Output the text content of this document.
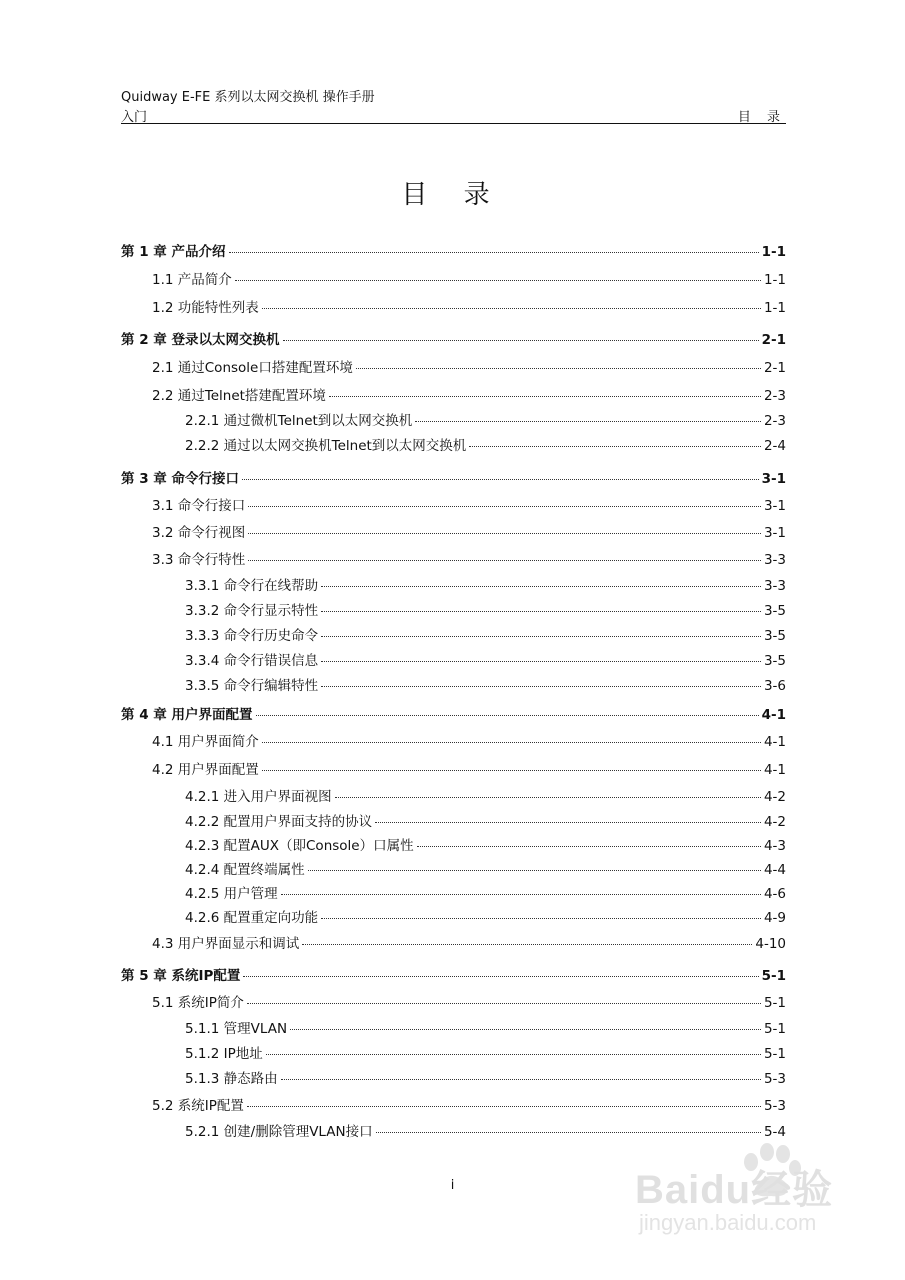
Quidway E-FE 系列以太网交换机 操作手册
入门	目 录
目 录
第 1 章 产品介绍	1-1
1.1 产品简介	1-1
1.2 功能特性列表	1-1
第 2 章 登录以太网交换机	2-1
2.1 通过Console口搭建配置环境	2-1
2.2 通过Telnet搭建配置环境	2-3
2.2.1 通过微机Telnet到以太网交换机	2-3
2.2.2 通过以太网交换机Telnet到以太网交换机	2-4
第 3 章 命令行接口	3-1
3.1 命令行接口	3-1
3.2 命令行视图	3-1
3.3 命令行特性	3-3
3.3.1 命令行在线帮助	3-3
3.3.2 命令行显示特性	3-5
3.3.3 命令行历史命令	3-5
3.3.4 命令行错误信息	3-5
3.3.5 命令行编辑特性	3-6
第 4 章 用户界面配置	4-1
4.1 用户界面简介	4-1
4.2 用户界面配置	4-1
4.2.1 进入用户界面视图	4-2
4.2.2 配置用户界面支持的协议	4-2
4.2.3 配置AUX（即Console）口属性	4-3
4.2.4 配置终端属性	4-4
4.2.5 用户管理	4-6
4.2.6 配置重定向功能	4-9
4.3 用户界面显示和调试	4-10
第 5 章 系统IP配置	5-1
5.1 系统IP简介	5-1
5.1.1 管理VLAN	5-1
5.1.2 IP地址	5-1
5.1.3 静态路由	5-3
5.2 系统IP配置	5-3
5.2.1 创建/删除管理VLAN接口	5-4
i	Baidu经验
jingyan.baidu.com
